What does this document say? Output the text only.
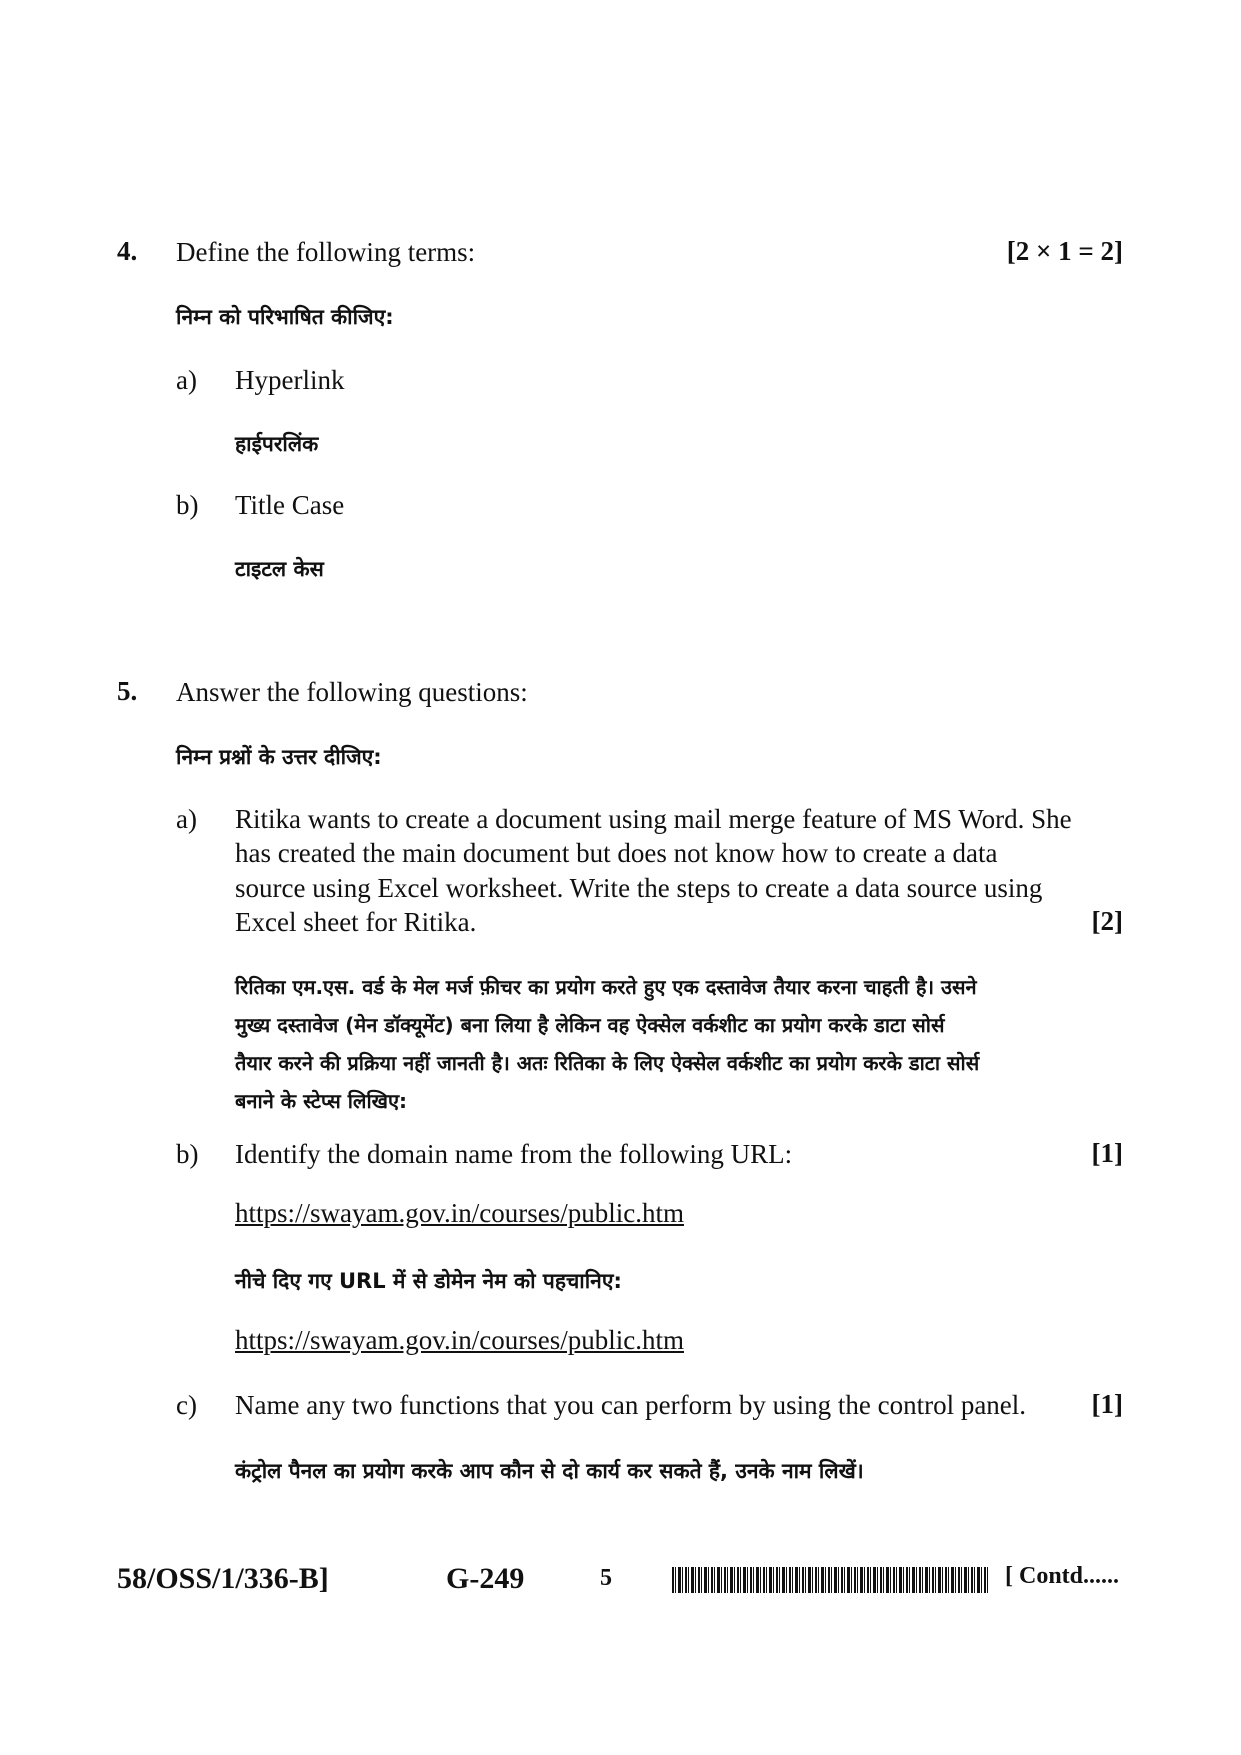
4. Define the following terms:	[2 × 1 = 2]
निम्न को परिभाषित कीजिए:
a) Hyperlink
हाईपरलिंक
b) Title Case
टाइटल केस
5. Answer the following questions:
निम्न प्रश्नों के उत्तर दीजिए:
a) Ritika wants to create a document using mail merge feature of MS Word. She
has created the main document but does not know how to create a data
source using Excel worksheet. Write the steps to create a data source using
Excel sheet for Ritika.	[2]
रितिका एम.एस. वर्ड के मेल मर्ज फ़ीचर का प्रयोग करते हुए एक दस्तावेज तैयार करना चाहती है। उसने
मुख्य दस्तावेज (मेन डॉक्यूमेंट) बना लिया है लेकिन वह ऐक्सेल वर्कशीट का प्रयोग करके डाटा सोर्स
तैयार करने की प्रक्रिया नहीं जानती है। अतः रितिका के लिए ऐक्सेल वर्कशीट का प्रयोग करके डाटा सोर्स
बनाने के स्टेप्स लिखिए:
b) Identify the domain name from the following URL:	[1]
https://swayam.gov.in/courses/public.htm
नीचे दिए गए URL में से डोमेन नेम को पहचानिए:
https://swayam.gov.in/courses/public.htm
c) Name any two functions that you can perform by using the control panel. [1]
कंट्रोल पैनल का प्रयोग करके आप कौन से दो कार्य कर सकते हैं, उनके नाम लिखें।
58/OSS/1/336-B]	G-249	5	[ Contd......
